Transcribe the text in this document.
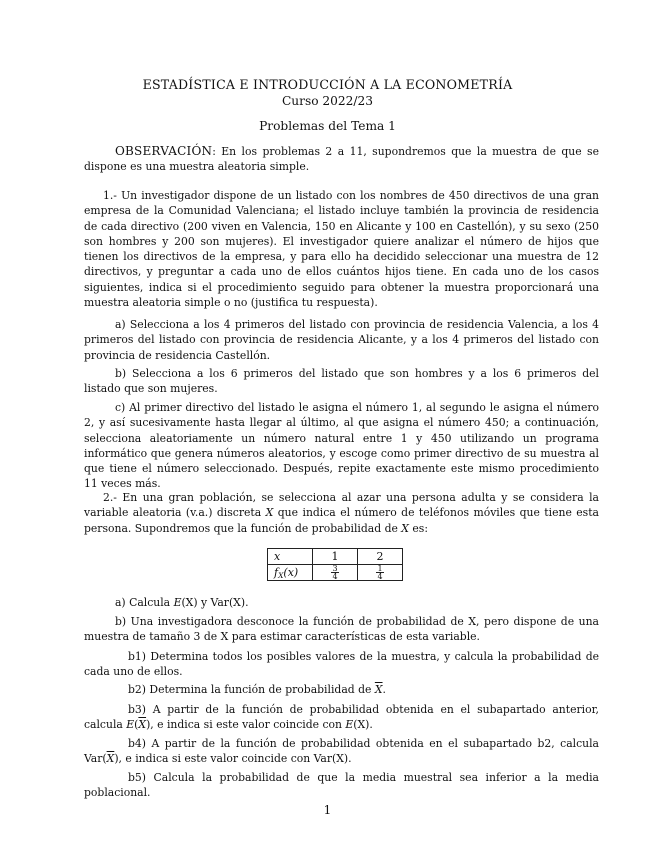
ESTADÍSTICA E INTRODUCCIÓN A LA ECONOMETRÍA
Curso 2022/23
Problemas del Tema 1
OBSERVACIÓN: En los problemas 2 a 11, supondremos que la muestra de que se dispone es una muestra aleatoria simple.
1.- Un investigador dispone de un listado con los nombres de 450 directivos de una gran empresa de la Comunidad Valenciana; el listado incluye también la provincia de residencia de cada directivo (200 viven en Valencia, 150 en Alicante y 100 en Castellón), y su sexo (250 son hombres y 200 son mujeres). El investigador quiere analizar el número de hijos que tienen los directivos de la empresa, y para ello ha decidido seleccionar una muestra de 12 directivos, y preguntar a cada uno de ellos cuántos hijos tiene. En cada uno de los casos siguientes, indica si el procedimiento seguido para obtener la muestra proporcionará una muestra aleatoria simple o no (justifica tu respuesta).
a) Selecciona a los 4 primeros del listado con provincia de residencia Valencia, a los 4 primeros del listado con provincia de residencia Alicante, y a los 4 primeros del listado con provincia de residencia Castellón.
b) Selecciona a los 6 primeros del listado que son hombres y a los 6 primeros del listado que son mujeres.
c) Al primer directivo del listado le asigna el número 1, al segundo le asigna el número 2, y así sucesivamente hasta llegar al último, al que asigna el número 450; a continuación, selecciona aleatoriamente un número natural entre 1 y 450 utilizando un programa informático que genera números aleatorios, y escoge como primer directivo de su muestra al que tiene el número seleccionado. Después, repite exactamente este mismo procedimiento 11 veces más.
2.- En una gran población, se selecciona al azar una persona adulta y se considera la variable aleatoria (v.a.) discreta X que indica el número de teléfonos móviles que tiene esta persona. Supondremos que la función de probabilidad de X es:
x	1	2
$f_X(x)$	$\frac{3}{4}$	$\frac{1}{4}$
a) Calcula E(X) y Var(X).
b) Una investigadora desconoce la función de probabilidad de X, pero dispone de una muestra de tamaño 3 de X para estimar características de esta variable.
b1) Determina todos los posibles valores de la muestra, y calcula la probabilidad de cada uno de ellos.
b2) Determina la función de probabilidad de $\overline{X}$.
b3) A partir de la función de probabilidad obtenida en el subapartado anterior, calcula $E(\overline{X})$, e indica si este valor coincide con E(X).
b4) A partir de la función de probabilidad obtenida en el subapartado b2, calcula $Var(\overline{X})$, e indica si este valor coincide con Var(X).
b5) Calcula la probabilidad de que la media muestral sea inferior a la media poblacional.
1
